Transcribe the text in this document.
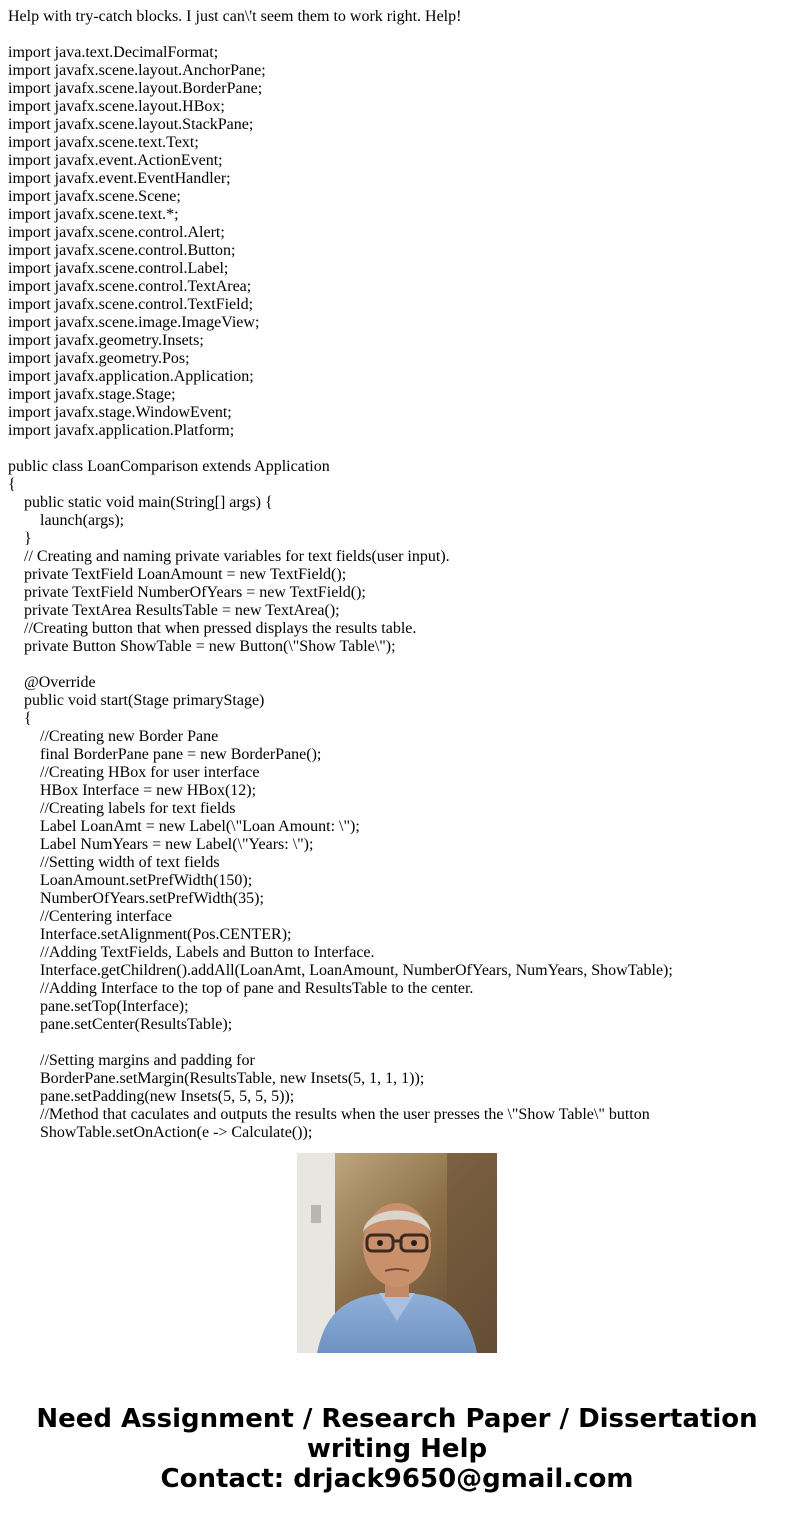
Help with try-catch blocks. I just can\'t seem them to work right. Help!

import java.text.DecimalFormat;
import javafx.scene.layout.AnchorPane;
import javafx.scene.layout.BorderPane;
import javafx.scene.layout.HBox;
import javafx.scene.layout.StackPane;
import javafx.scene.text.Text;
import javafx.event.ActionEvent;
import javafx.event.EventHandler;
import javafx.scene.Scene;
import javafx.scene.text.*;
import javafx.scene.control.Alert;
import javafx.scene.control.Button;
import javafx.scene.control.Label;
import javafx.scene.control.TextArea;
import javafx.scene.control.TextField;
import javafx.scene.image.ImageView;
import javafx.geometry.Insets;
import javafx.geometry.Pos;
import javafx.application.Application;
import javafx.stage.Stage;
import javafx.stage.WindowEvent;
import javafx.application.Platform;
public class LoanComparison extends Application
{
public static void main(String[] args) {
launch(args);
}
// Creating and naming private variables for text fields(user input).
private TextField LoanAmount = new TextField();
private TextField NumberOfYears = new TextField();
private TextArea ResultsTable = new TextArea();
//Creating button that when pressed displays the results table.
private Button ShowTable = new Button(\"Show Table\");
@Override
public void start(Stage primaryStage)
{
//Creating new Border Pane
final BorderPane pane = new BorderPane();
//Creating HBox for user interface
HBox Interface = new HBox(12);
//Creating labels for text fields
Label LoanAmt = new Label(\"Loan Amount: \");
Label NumYears = new Label(\"Years: \");
//Setting width of text fields
LoanAmount.setPrefWidth(150);
NumberOfYears.setPrefWidth(35);
//Centering interface
Interface.setAlignment(Pos.CENTER);
//Adding TextFields, Labels and Button to Interface.
Interface.getChildren().addAll(LoanAmt, LoanAmount, NumberOfYears, NumYears, ShowTable);
//Adding Interface to the top of pane and ResultsTable to the center.
pane.setTop(Interface);
pane.setCenter(ResultsTable);
//Setting margins and padding for
BorderPane.setMargin(ResultsTable, new Insets(5, 1, 1, 1));
pane.setPadding(new Insets(5, 5, 5, 5));
//Method that caculates and outputs the results when the user presses the \"Show Table\" button
ShowTable.setOnAction(e -> Calculate());
Need Assignment / Research Paper / Dissertation
writing Help
Contact: drjack9650@gmail.com
